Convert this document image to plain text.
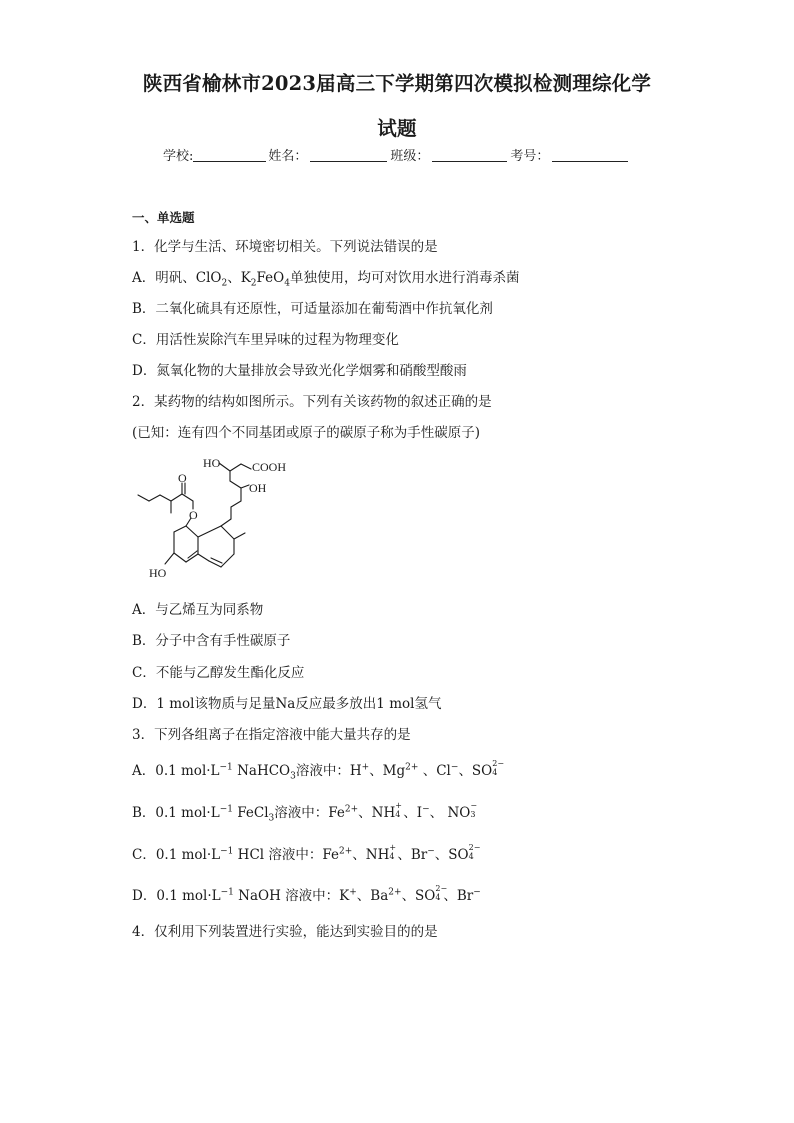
陕西省榆林市2023届高三下学期第四次模拟检测理综化学
试题
学校:	姓名：	班级：	考号：
一、单选题
1．化学与生活、环境密切相关。下列说法错误的是
A．明矾、ClO$_2$、$K_2FeO_4$单独使用，均可对饮用水进行消毒杀菌
B．二氧化硫具有还原性，可适量添加在葡萄酒中作抗氧化剂
C．用活性炭除汽车里异味的过程为物理变化
D．氮氧化物的大量排放会导致光化学烟雾和硝酸型酸雨
2．某药物的结构如图所示。下列有关该药物的叙述正确的是
(已知：连有四个不同基团或原子的碳原子称为手性碳原子)
HO	COOH
OH
O
O
HO
A．与乙烯互为同系物
B．分子中含有手性碳原子
C．不能与乙醇发生酯化反应
D．1 mol该物质与足量Na反应最多放出1 mol氢气
3．下列各组离子在指定溶液中能大量共存的是
A．0.1 $mol\cdot L^{-1}$ NaHCO$_3$溶液中：H+、$Mg^{2+}$ 、Cl−、SO 2−
4
B．0.1 $mol\cdot L^{-1}$ FeCl$_3$溶液中：$Fe^{2+}$、NH +
4 、I−、 NO −
3
C．0.1 $mol\cdot L^{-1}$ HCl 溶液中：$Fe^{2+}$、NH +
4 、Br−、SO 2−
4
D．0.1 $mol\cdot L^{-1}$ NaOH 溶液中：K+、$Ba^{2+}$、SO 2−
4 、Br−
4．仅利用下列装置进行实验，能达到实验目的的是
